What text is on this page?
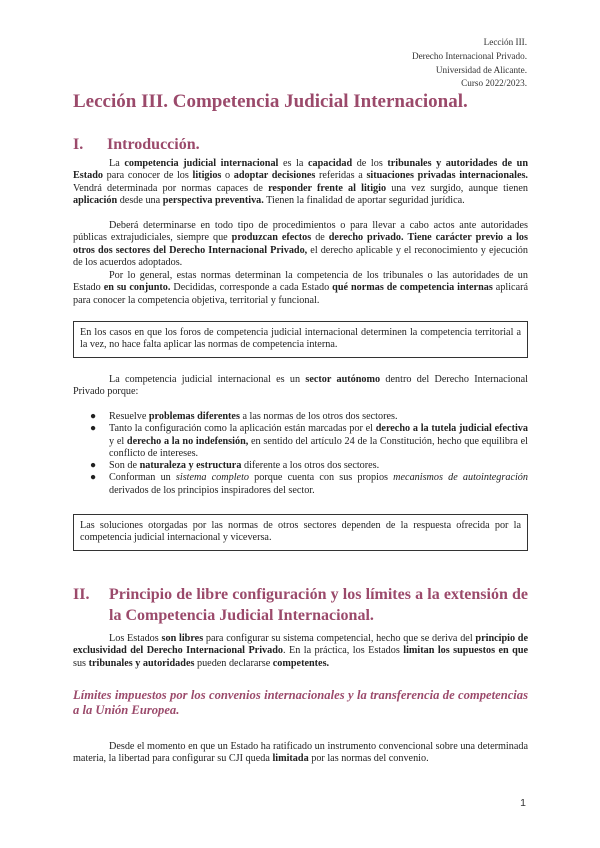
Lección III.
Derecho Internacional Privado.
Universidad de Alicante.
Curso 2022/2023.
Lección III. Competencia Judicial Internacional.
I. Introducción.
La competencia judicial internacional es la capacidad de los tribunales y autoridades de un Estado para conocer de los litigios o adoptar decisiones referidas a situaciones privadas internacionales. Vendrá determinada por normas capaces de responder frente al litigio una vez surgido, aunque tienen aplicación desde una perspectiva preventiva. Tienen la finalidad de aportar seguridad jurídica.
Deberá determinarse en todo tipo de procedimientos o para llevar a cabo actos ante autoridades públicas extrajudiciales, siempre que produzcan efectos de derecho privado. Tiene carácter previo a los otros dos sectores del Derecho Internacional Privado, el derecho aplicable y el reconocimiento y ejecución de los acuerdos adoptados.
Por lo general, estas normas determinan la competencia de los tribunales o las autoridades de un Estado en su conjunto. Decididas, corresponde a cada Estado qué normas de competencia internas aplicará para conocer la competencia objetiva, territorial y funcional.
En los casos en que los foros de competencia judicial internacional determinen la competencia territorial a la vez, no hace falta aplicar las normas de competencia interna.
La competencia judicial internacional es un sector autónomo dentro del Derecho Internacional Privado porque:
● Resuelve problemas diferentes a las normas de los otros dos sectores.
● Tanto la configuración como la aplicación están marcadas por el derecho a la tutela judicial efectiva y el derecho a la no indefensión, en sentido del artículo 24 de la Constitución, hecho que equilibra el conflicto de intereses.
● Son de naturaleza y estructura diferente a los otros dos sectores.
● Conforman un sistema completo porque cuenta con sus propios mecanismos de autointegración derivados de los principios inspiradores del sector.
Las soluciones otorgadas por las normas de otros sectores dependen de la respuesta ofrecida por la competencia judicial internacional y viceversa.
II. Principio de libre configuración y los límites a la extensión de la Competencia Judicial Internacional.
Los Estados son libres para configurar su sistema competencial, hecho que se deriva del principio de exclusividad del Derecho Internacional Privado. En la práctica, los Estados limitan los supuestos en que sus tribunales y autoridades pueden declararse competentes.
Límites impuestos por los convenios internacionales y la transferencia de competencias a la Unión Europea.
Desde el momento en que un Estado ha ratificado un instrumento convencional sobre una determinada materia, la libertad para configurar su CJI queda limitada por las normas del convenio.
1
